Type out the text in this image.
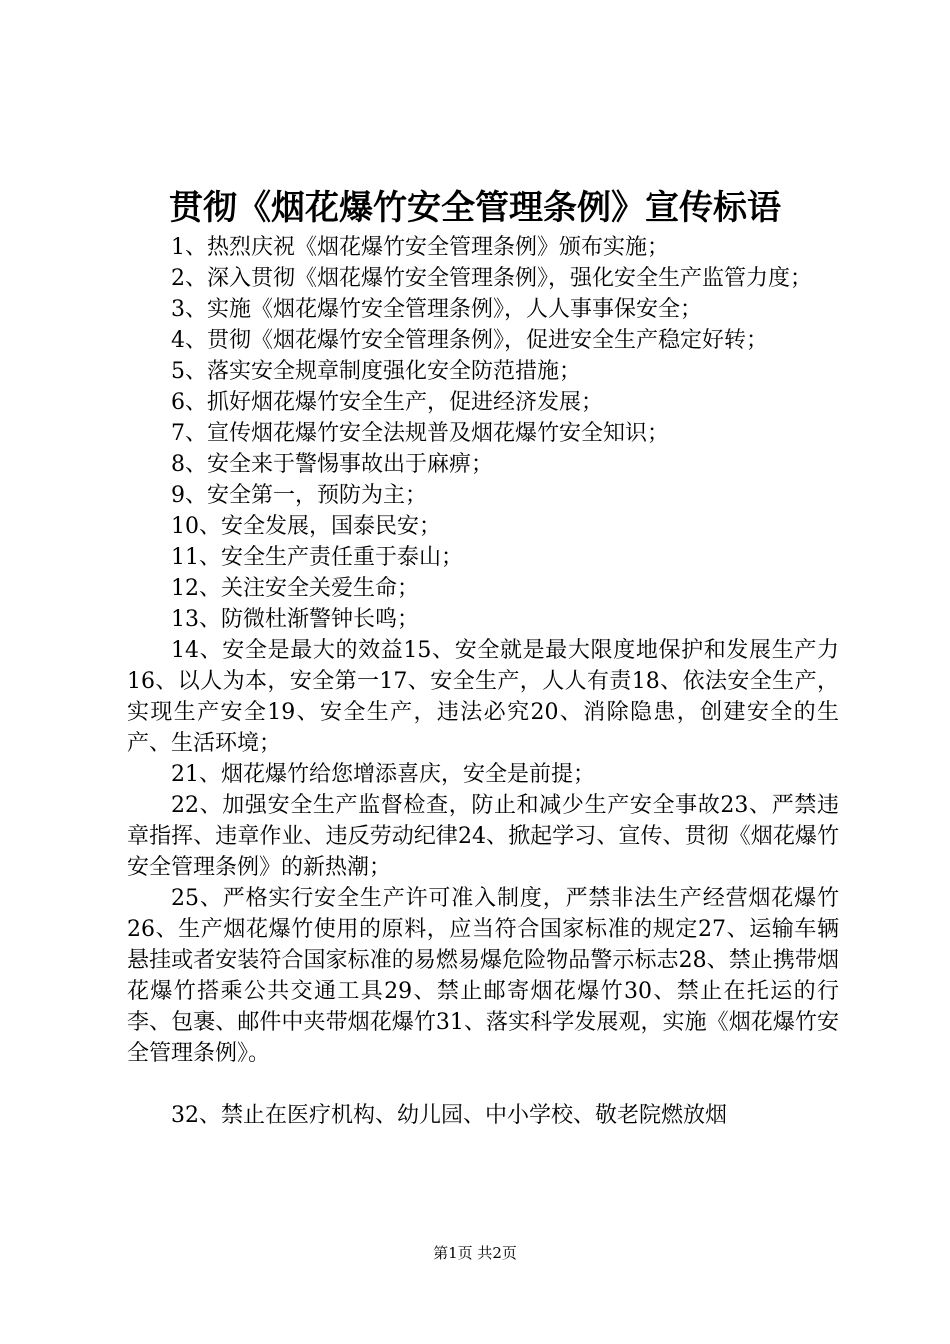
贯彻《烟花爆竹安全管理条例》宣传标语

1、热烈庆祝《烟花爆竹安全管理条例》颁布实施；

2、深入贯彻《烟花爆竹安全管理条例》，强化安全生产监管力度；

3、实施《烟花爆竹安全管理条例》，人人事事保安全；

4、贯彻《烟花爆竹安全管理条例》，促进安全生产稳定好转；

5、落实安全规章制度强化安全防范措施；

6、抓好烟花爆竹安全生产，促进经济发展；

7、宣传烟花爆竹安全法规普及烟花爆竹安全知识；

8、安全来于警惕事故出于麻痹；

9、安全第一，预防为主；

10、安全发展，国泰民安；

11、安全生产责任重于泰山；

12、关注安全关爱生命；

13、防微杜渐警钟长鸣；

14、安全是最大的效益15、安全就是最大限度地保护和发展生产力16、以人为本，安全第一17、安全生产，人人有责18、依法安全生产，实现生产安全19、安全生产，违法必究20、消除隐患，创建安全的生产、生活环境；

21、烟花爆竹给您增添喜庆，安全是前提；

22、加强安全生产监督检查，防止和减少生产安全事故23、严禁违章指挥、违章作业、违反劳动纪律24、掀起学习、宣传、贯彻《烟花爆竹安全管理条例》的新热潮；

25、严格实行安全生产许可准入制度，严禁非法生产经营烟花爆竹26、生产烟花爆竹使用的原料，应当符合国家标准的规定27、运输车辆悬挂或者安装符合国家标准的易燃易爆危险物品警示标志28、禁止携带烟花爆竹搭乘公共交通工具29、禁止邮寄烟花爆竹30、禁止在托运的行李、包裹、邮件中夹带烟花爆竹31、落实科学发展观，实施《烟花爆竹安全管理条例》。

32、禁止在医疗机构、幼儿园、中小学校、敬老院燃放烟

第1页 共2页
